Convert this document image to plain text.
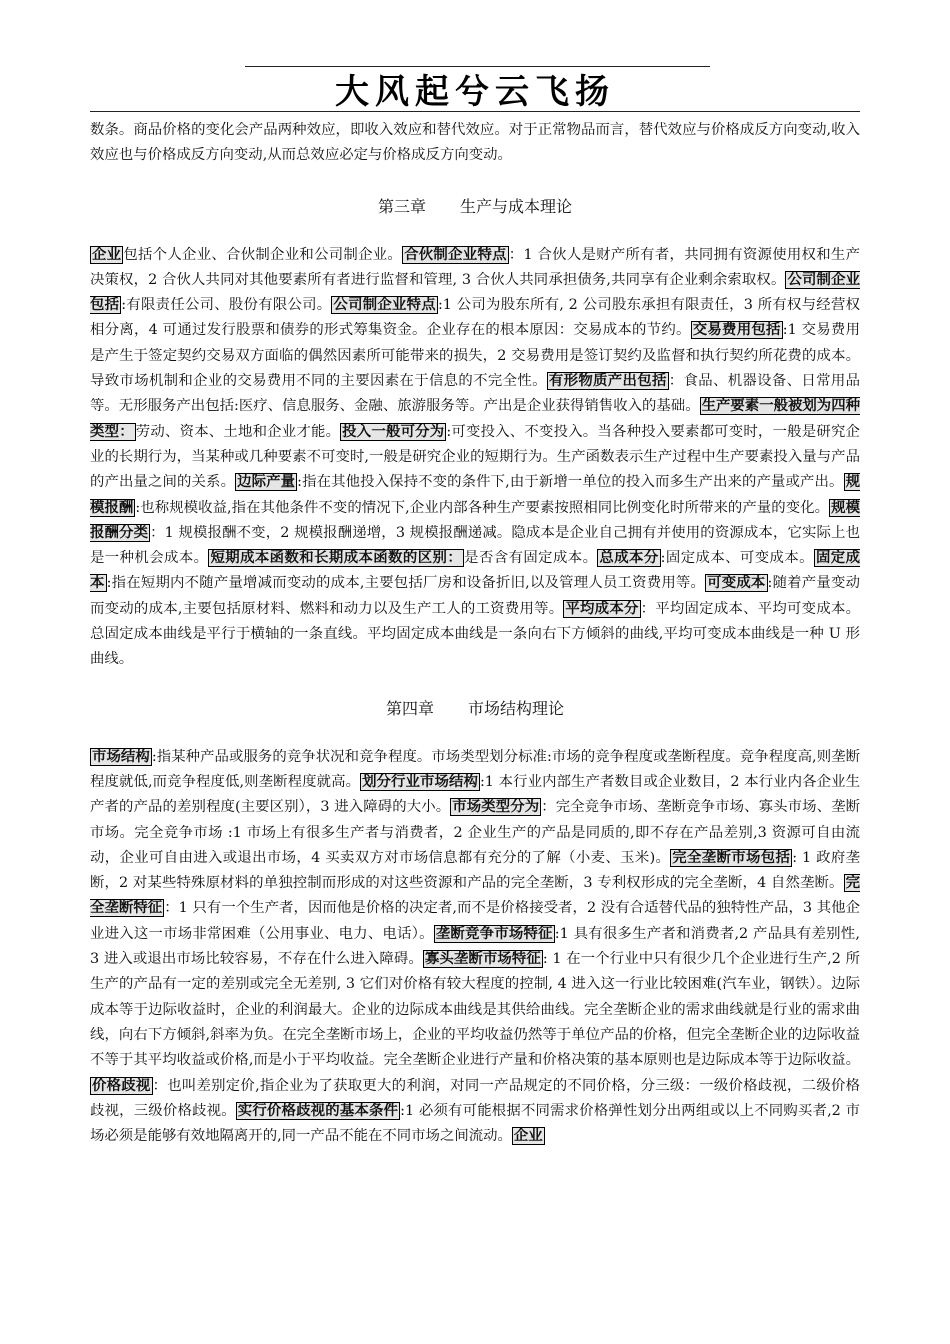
大风起兮云飞扬

数条。商品价格的变化会产品两种效应，即收入效应和替代效应。对于正常物品而言，替代效应与价格成反方向变动,收入效应也与价格成反方向变动,从而总效应必定与价格成反方向变动。

第三章 生产与成本理论

企业 包括个人企业、合伙制企业和公司制企业。 合伙制企业特点 ：1 合伙人是财产所有者，共同拥有资源使用权和生产决策权，2 合伙人共同对其他要素所有者进行监督和管理, 3 合伙人共同承担债务,共同享有企业剩余索取权。 公司制企业包括 :有限责任公司、股份有限公司。 公司制企业特点 :1 公司为股东所有, 2 公司股东承担有限责任，3 所有权与经营权相分离，4 可通过发行股票和债券的形式筹集资金。企业存在的根本原因：交易成本的节约。 交易费用包括 :1 交易费用是产生于签定契约交易双方面临的偶然因素所可能带来的损失，2 交易费用是签订契约及监督和执行契约所花费的成本。导致市场机制和企业的交易费用不同的主要因素在于信息的不完全性。 有形物质产出包括 ：食品、机器设备、日常用品等。无形服务产出包括:医疗、信息服务、金融、旅游服务等。产出是企业获得销售收入的基础。 生产要素一般被划为四种类型： 劳动、资本、土地和企业才能。 投入一般可分为 :可变投入、不变投入。当各种投入要素都可变时，一般是研究企业的长期行为，当某种或几种要素不可变时,一般是研究企业的短期行为。生产函数表示生产过程中生产要素投入量与产品的产出量之间的关系。 边际产量 :指在其他投入保持不变的条件下,由于新增一单位的投入而多生产出来的产量或产出。 规模报酬 :也称规模收益,指在其他条件不变的情况下,企业内部各种生产要素按照相同比例变化时所带来的产量的变化。 规模报酬分类 ：1 规模报酬不变，2 规模报酬递增，3 规模报酬递减。隐成本是企业自己拥有并使用的资源成本，它实际上也是一种机会成本。 短期成本函数和长期成本函数的区别： 是否含有固定成本。 总成本分 :固定成本、可变成本。 固定成本 :指在短期内不随产量增减而变动的成本,主要包括厂房和设备折旧,以及管理人员工资费用等。 可变成本 :随着产量变动而变动的成本,主要包括原材料、燃料和动力以及生产工人的工资费用等。 平均成本分 ：平均固定成本、平均可变成本。总固定成本曲线是平行于横轴的一条直线。平均固定成本曲线是一条向右下方倾斜的曲线,平均可变成本曲线是一种 U 形曲线。

第四章 市场结构理论

市场结构 :指某种产品或服务的竞争状况和竞争程度。市场类型划分标准:市场的竞争程度或垄断程度。竞争程度高,则垄断程度就低,而竞争程度低,则垄断程度就高。 划分行业市场结构 :1 本行业内部生产者数目或企业数目，2 本行业内各企业生产者的产品的差别程度(主要区别），3 进入障碍的大小。 市场类型分为 ：完全竞争市场、垄断竞争市场、寡头市场、垄断市场。完全竞争市场 :1 市场上有很多生产者与消费者，2 企业生产的产品是同质的,即不存在产品差别,3 资源可自由流动，企业可自由进入或退出市场，4 买卖双方对市场信息都有充分的了解（小麦、玉米)。 完全垄断市场包括 : 1 政府垄断，2 对某些特殊原材料的单独控制而形成的对这些资源和产品的完全垄断，3 专利权形成的完全垄断，4 自然垄断。 完全垄断特征 ：1 只有一个生产者，因而他是价格的决定者,而不是价格接受者，2 没有合适替代品的独特性产品，3 其他企业进入这一市场非常困难（公用事业、电力、电话）。 垄断竞争市场特征 :1 具有很多生产者和消费者,2 产品具有差别性, 3 进入或退出市场比较容易，不存在什么进入障碍。 寡头垄断市场特征 : 1 在一个行业中只有很少几个企业进行生产,2 所生产的产品有一定的差别或完全无差别, 3 它们对价格有较大程度的控制, 4 进入这一行业比较困难(汽车业，钢铁）。边际成本等于边际收益时，企业的利润最大。企业的边际成本曲线是其供给曲线。完全垄断企业的需求曲线就是行业的需求曲线，向右下方倾斜,斜率为负。在完全垄断市场上，企业的平均收益仍然等于单位产品的价格，但完全垄断企业的边际收益不等于其平均收益或价格,而是小于平均收益。完全垄断企业进行产量和价格决策的基本原则也是边际成本等于边际收益。价格歧视 ：也叫差别定价,指企业为了获取更大的利润，对同一产品规定的不同价格，分三级：一级价格歧视，二级价格歧视，三级价格歧视。 实行价格歧视的基本条件 :1 必须有可能根据不同需求价格弹性划分出两组或以上不同购买者,2 市场必须是能够有效地隔离开的,同一产品不能在不同市场之间流动。 企业
